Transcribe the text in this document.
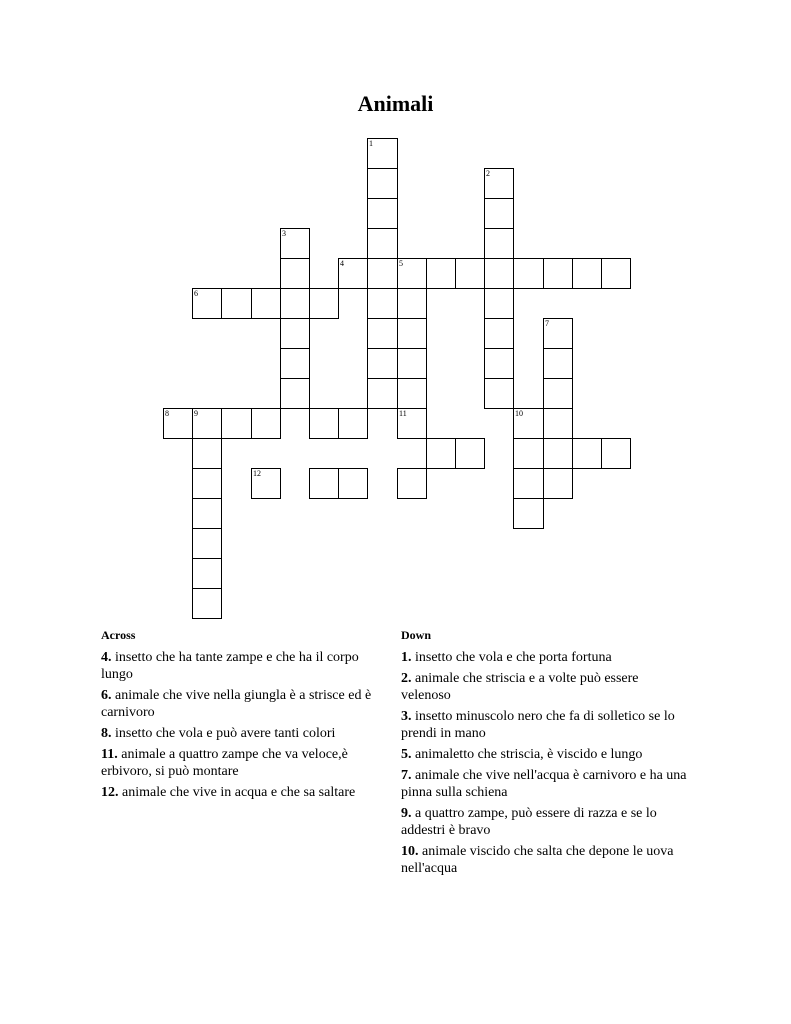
Animali
1
2
3
4	5
11
6
7
8	9	10
12
Across
4. insetto che ha tante zampe e che ha il corpo lungo
6. animale che vive nella giungla è a strisce ed è carnivoro
8. insetto che vola e può avere tanti colori
11. animale a quattro zampe che va veloce,è erbivoro, si può montare
12. animale che vive in acqua e che sa saltare
Down
1. insetto che vola e che porta fortuna
2. animale che striscia e a volte può essere velenoso
3. insetto minuscolo nero che fa di solletico se lo prendi in mano
5. animaletto che striscia, è viscido e lungo
7. animale che vive nell'acqua è carnivoro e ha una pinna sulla schiena
9. a quattro zampe, può essere di razza e se lo addestri è bravo
10. animale viscido che salta che depone le uova nell'acqua
